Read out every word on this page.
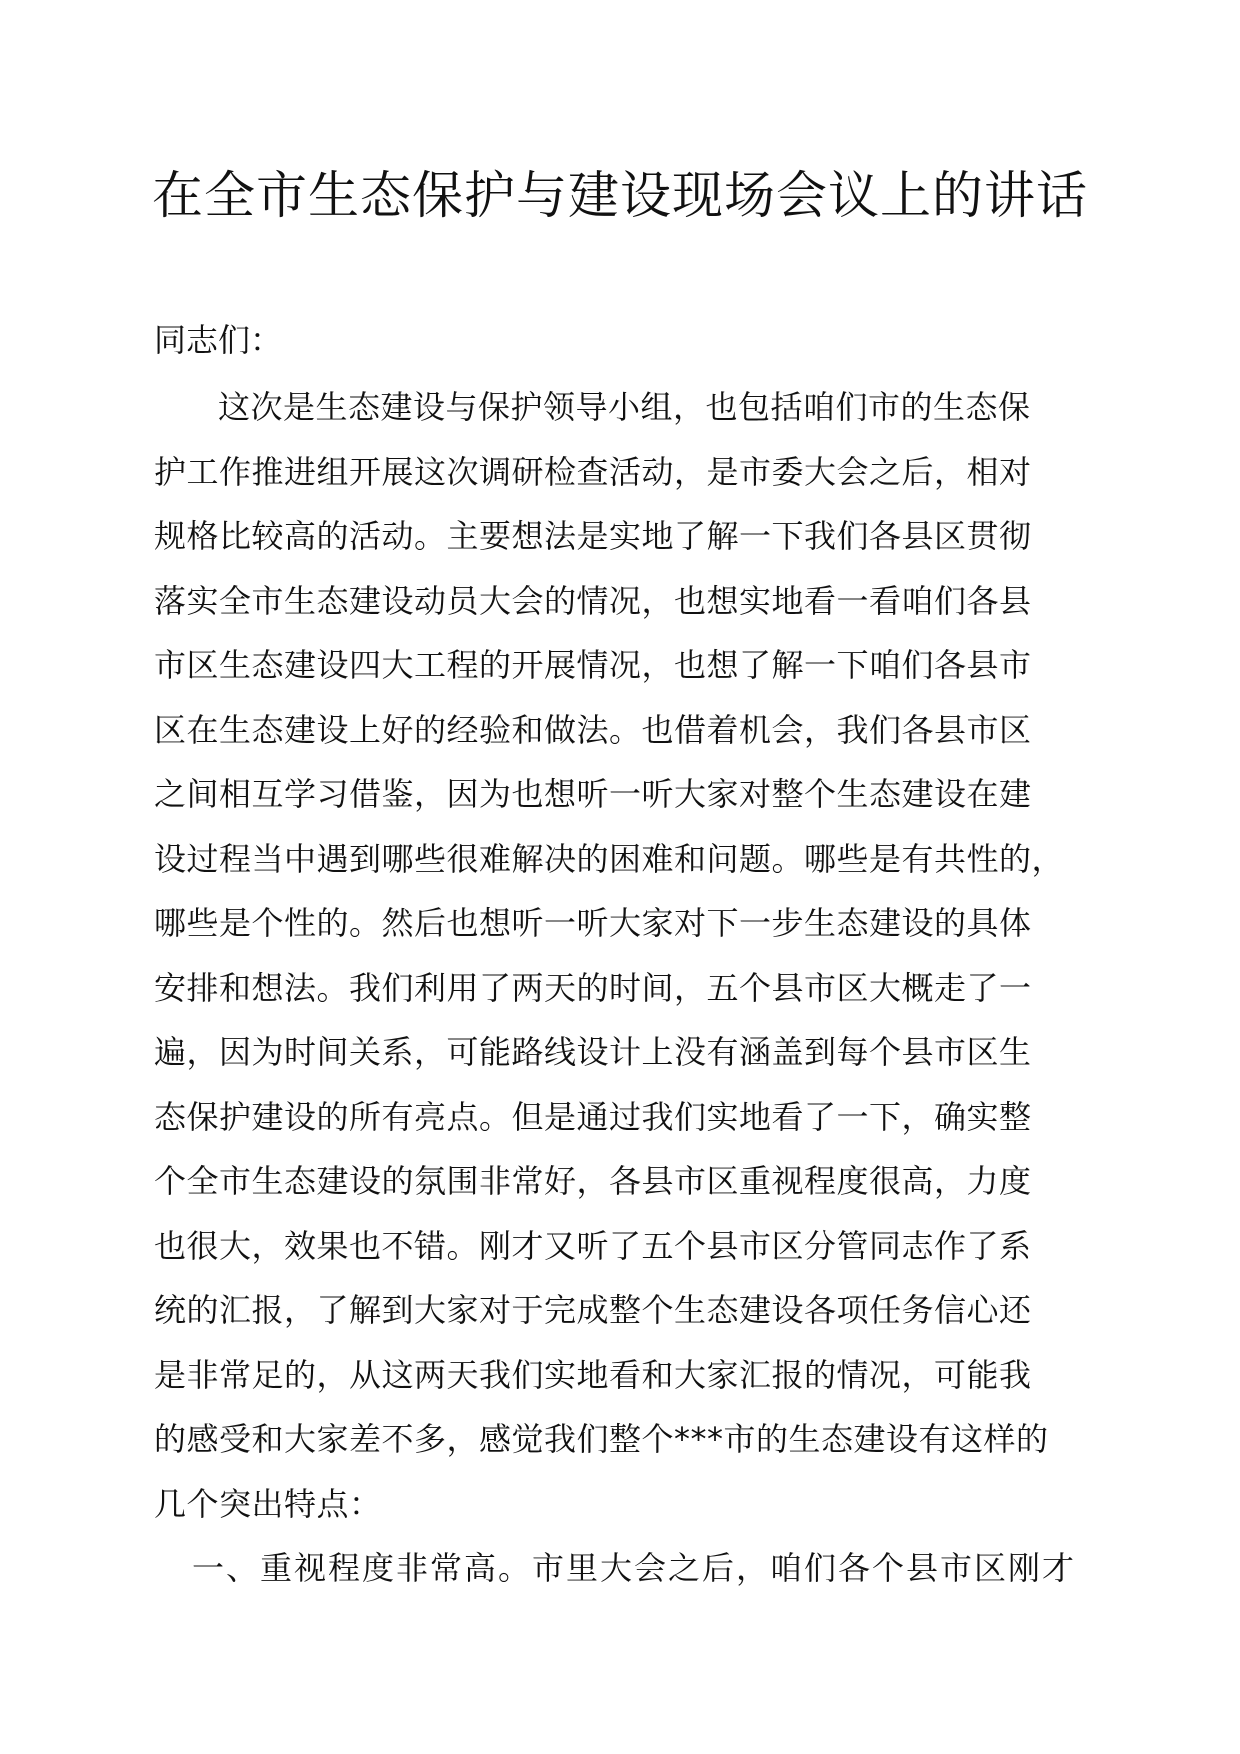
在全市生态保护与建设现场会议上的讲话

同志们：

这次是生态建设与保护领导小组，也包括咱们市的生态保
护工作推进组开展这次调研检查活动，是市委大会之后，相对
规格比较高的活动。主要想法是实地了解一下我们各县区贯彻
落实全市生态建设动员大会的情况，也想实地看一看咱们各县
市区生态建设四大工程的开展情况，也想了解一下咱们各县市
区在生态建设上好的经验和做法。也借着机会，我们各县市区
之间相互学习借鉴，因为也想听一听大家对整个生态建设在建
设过程当中遇到哪些很难解决的困难和问题。哪些是有共性的，
哪些是个性的。然后也想听一听大家对下一步生态建设的具体
安排和想法。我们利用了两天的时间，五个县市区大概走了一
遍，因为时间关系，可能路线设计上没有涵盖到每个县市区生
态保护建设的所有亮点。但是通过我们实地看了一下，确实整
个全市生态建设的氛围非常好，各县市区重视程度很高，力度
也很大，效果也不错。刚才又听了五个县市区分管同志作了系
统的汇报，了解到大家对于完成整个生态建设各项任务信心还
是非常足的，从这两天我们实地看和大家汇报的情况，可能我
的感受和大家差不多，感觉我们整个***市的生态建设有这样的
几个突出特点：
一、重视程度非常高。市里大会之后，咱们各个县市区刚才
